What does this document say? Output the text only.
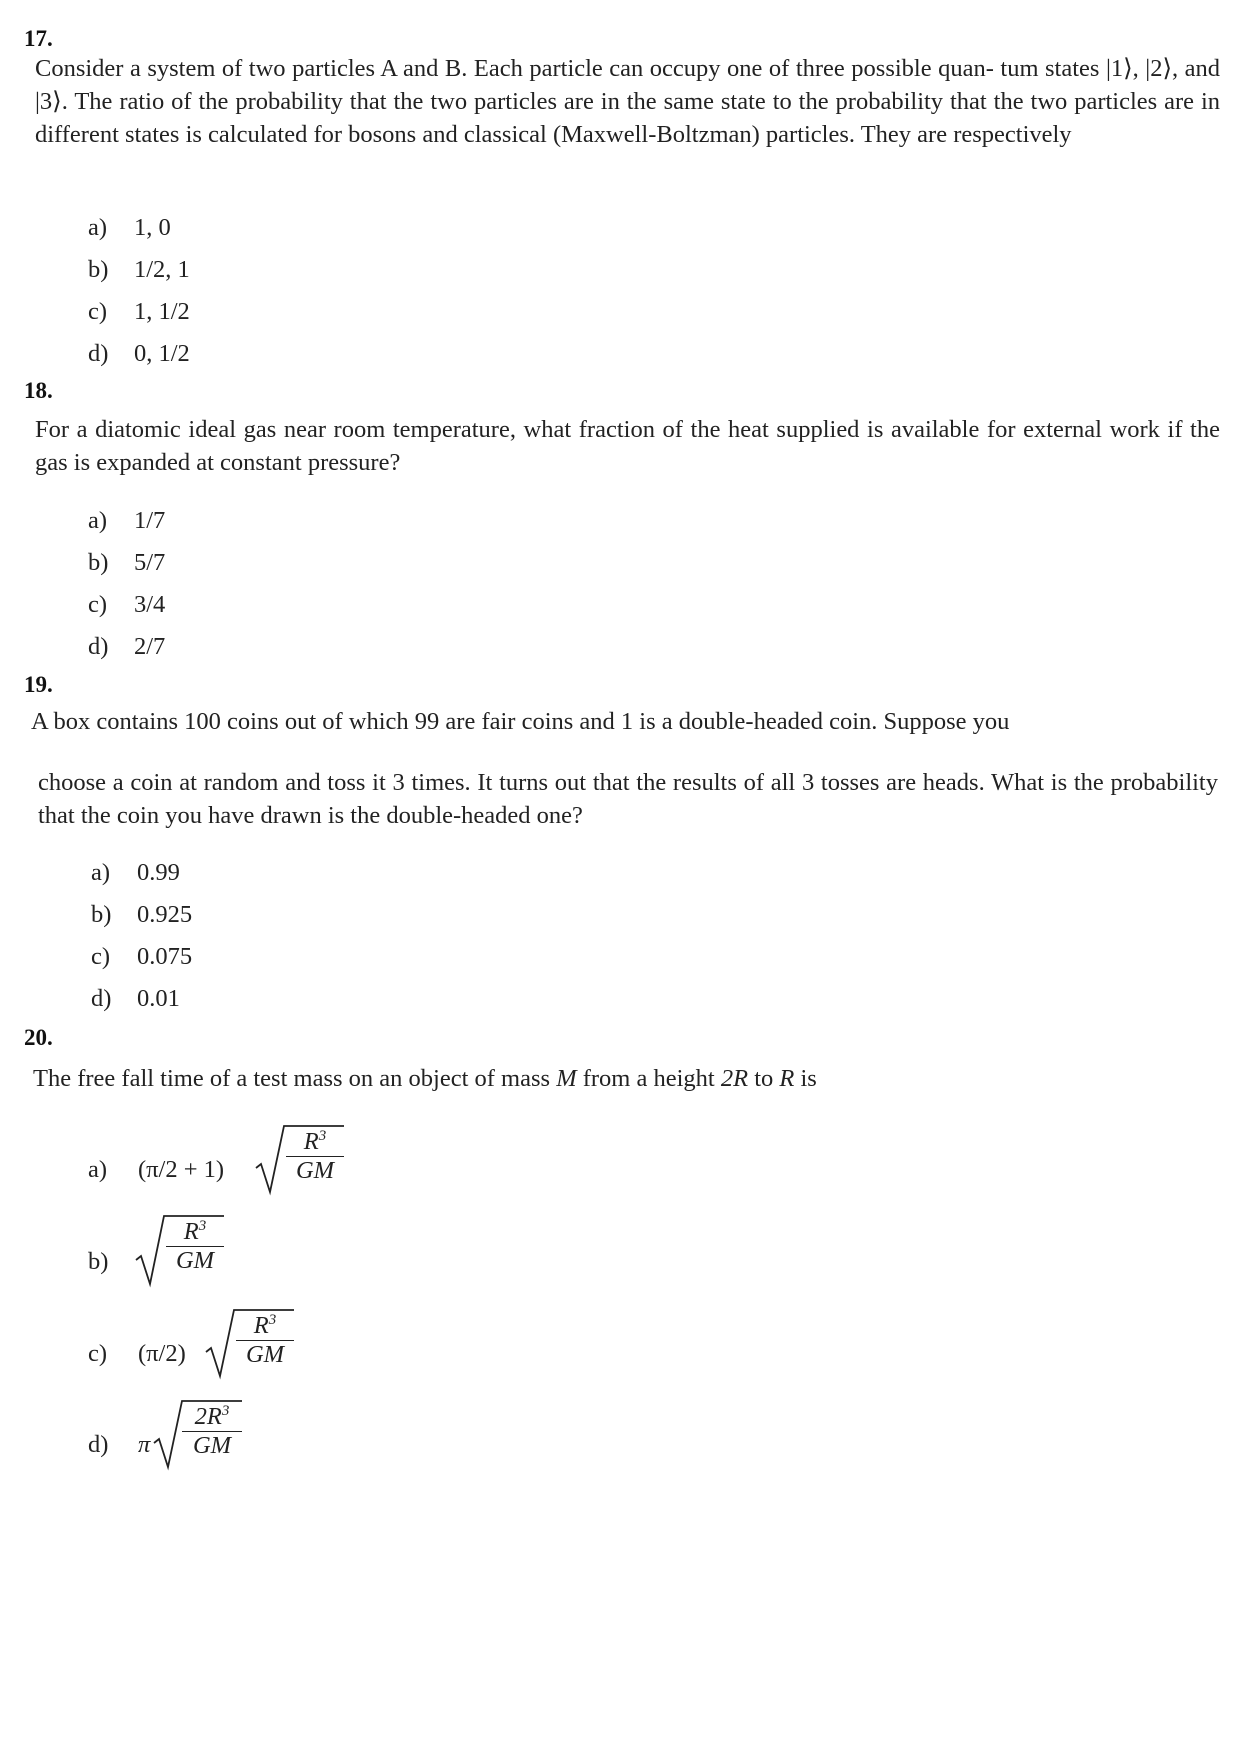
17.
Consider a system of two particles A and B. Each particle can occupy one of three possible quan- tum states |1⟩, |2⟩, and |3⟩. The ratio of the probability that the two particles are in the same state to the probability that the two particles are in different states is calculated for bosons and classical (Maxwell-Boltzman) particles. They are respectively
a) 1, 0
b) 1/2, 1
c) 1, 1/2
d) 0, 1/2
18.
For a diatomic ideal gas near room temperature, what fraction of the heat supplied is available for external work if the gas is expanded at constant pressure?
a) 1/7
b) 5/7
c) 3/4
d) 2/7
19.
A box contains 100 coins out of which 99 are fair coins and 1 is a double-headed coin. Suppose you
choose a coin at random and toss it 3 times. It turns out that the results of all 3 tosses are heads. What is the probability that the coin you have drawn is the double-headed one?
a) 0.99
b) 0.925
c) 0.075
d) 0.01
20.
The free fall time of a test mass on an object of mass M from a height 2R to R is
a) (π/2 + 1)
$R^3$
GM
b)
$R^3$
GM
c) (π/2)
$R^3$
GM
d) π
$2R^3$
GM
